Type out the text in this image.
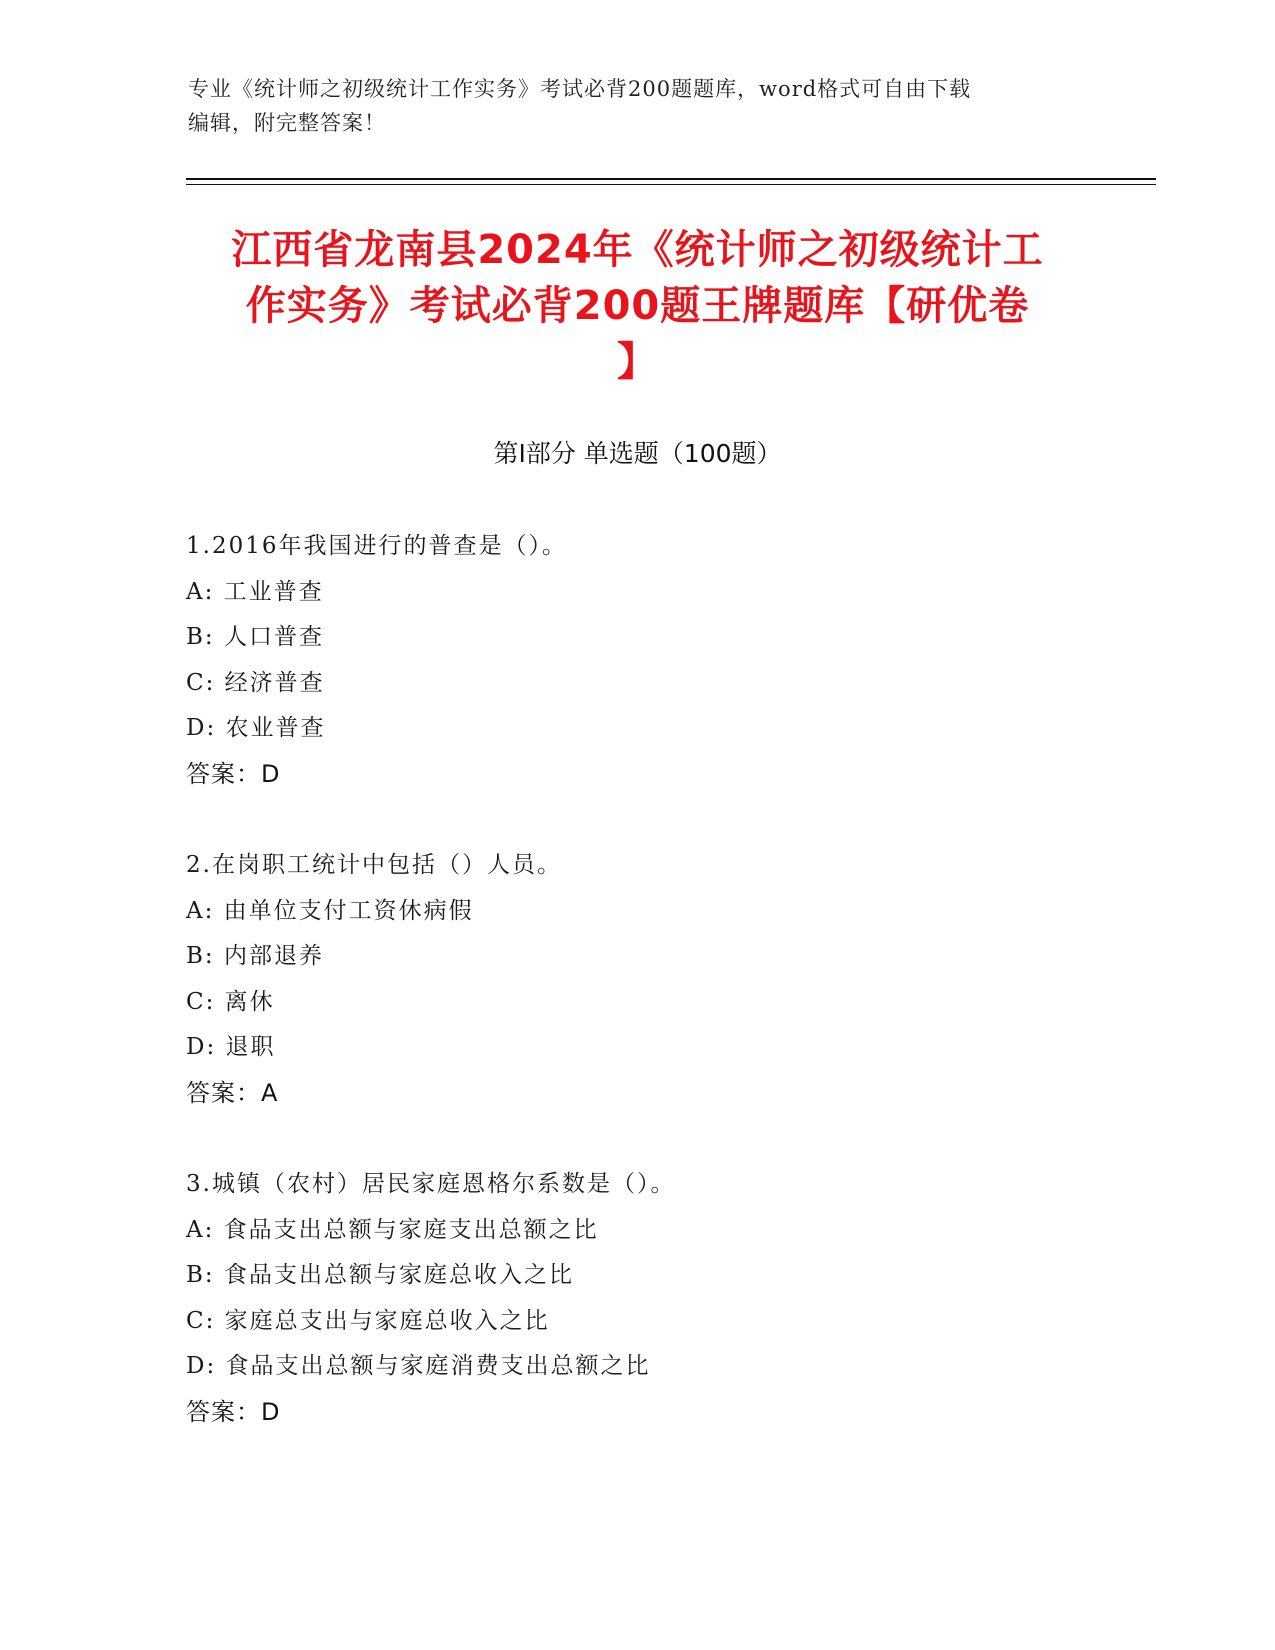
专业《统计师之初级统计工作实务》考试必背200题题库，word格式可自由下载
编辑，附完整答案！
江西省龙南县2024年《统计师之初级统计工
作实务》考试必背200题王牌题库【研优卷
】
第I部分 单选题（100题）
1.2016年我国进行的普查是（）。
A: 工业普查
B: 人口普查
C: 经济普查
D: 农业普查
答案：D
2.在岗职工统计中包括（）人员。
A: 由单位支付工资休病假
B: 内部退养
C: 离休
D: 退职
答案：A
3.城镇（农村）居民家庭恩格尔系数是（）。
A: 食品支出总额与家庭支出总额之比
B: 食品支出总额与家庭总收入之比
C: 家庭总支出与家庭总收入之比
D: 食品支出总额与家庭消费支出总额之比
答案：D
